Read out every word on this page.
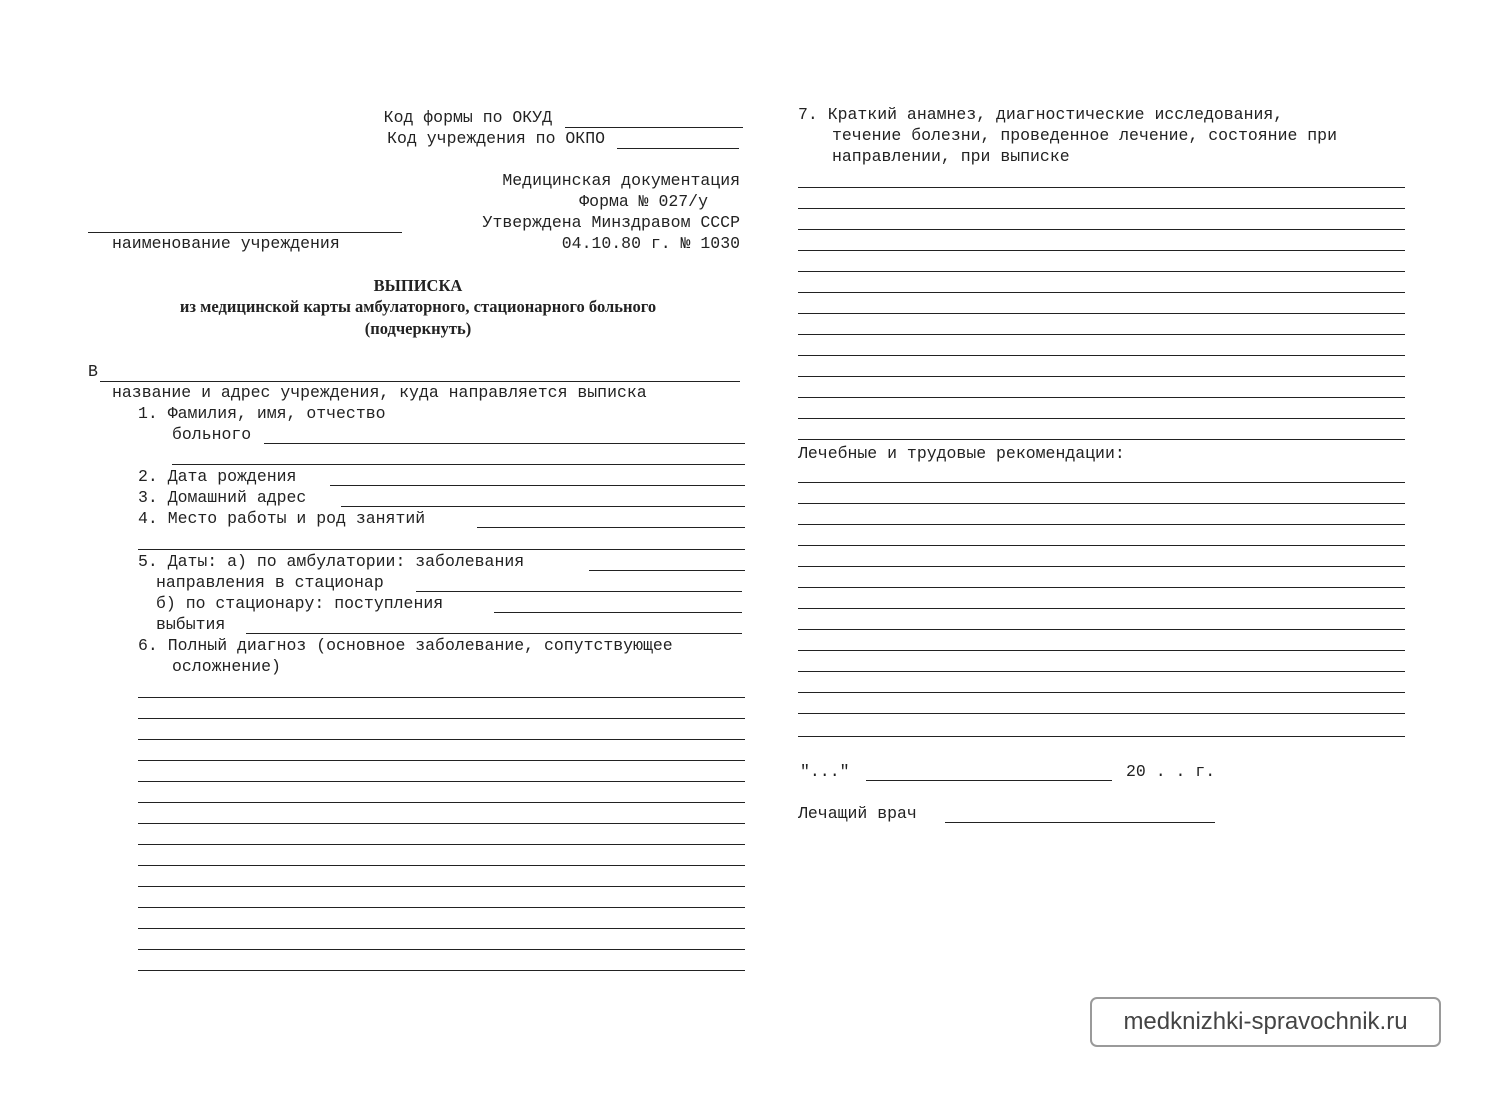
Код формы по ОКУД
Код учреждения по ОКПО
Медицинская документация
Форма № 027/у
Утверждена Минздравом СССР
04.10.80 г. № 1030
наименование учреждения
ВЫПИСКА
из медицинской карты амбулаторного, стационарного больного
(подчеркнуть)
В
название и адрес учреждения, куда направляется выписка
1. Фамилия, имя, отчество
больного
2. Дата рождения
3. Домашний адрес
4. Место работы и род занятий
5. Даты: а) по амбулатории: заболевания
направления в стационар
б) по стационару: поступления
выбытия
6. Полный диагноз (основное заболевание, сопутствующее
осложнение)
7. Краткий анамнез, диагностические исследования,
течение болезни, проведенное лечение, состояние при
направлении, при выписке
Лечебные и трудовые рекомендации:
"..."	20 . . г.
Лечащий врач
medknizhki-spravochnik.ru
